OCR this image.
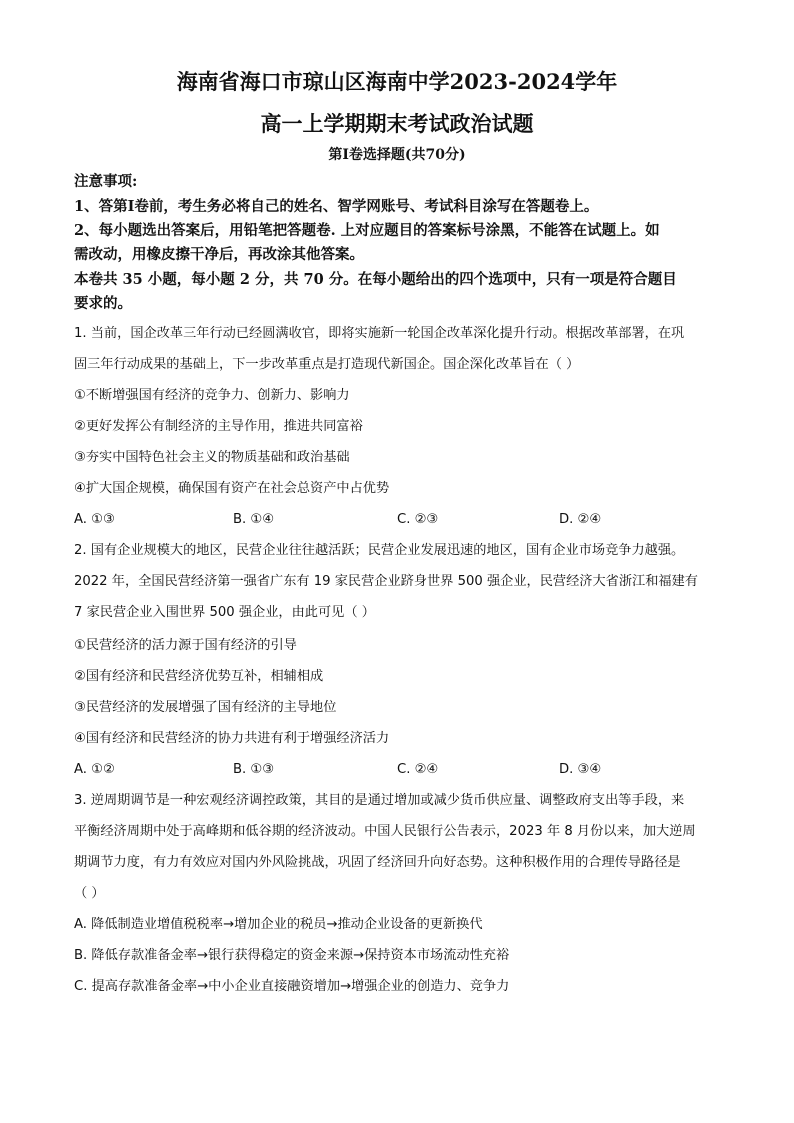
海南省海口市琼山区海南中学2023-2024学年
高一上学期期末考试政治试题
第Ⅰ卷选择题(共70分)
注意事项:
1、答第Ⅰ卷前，考生务必将自己的姓名、智学网账号、考试科目涂写在答题卷上。
2、每小题选出答案后，用铅笔把答题卷. 上对应题目的答案标号涂黑，不能答在试题上。如
需改动，用橡皮擦干净后，再改涂其他答案。
本卷共 35 小题，每小题 2 分，共 70 分。在每小题给出的四个选项中，只有一项是符合题目
要求的。
1. 当前，国企改革三年行动已经圆满收官，即将实施新一轮国企改革深化提升行动。根据改革部署，在巩
固三年行动成果的基础上，下一步改革重点是打造现代新国企。国企深化改革旨在（ ）
①不断增强国有经济的竞争力、创新力、影响力
②更好发挥公有制经济的主导作用，推进共同富裕
③夯实中国特色社会主义的物质基础和政治基础
④扩大国企规模，确保国有资产在社会总资产中占优势
A. ①③	B. ①④	C. ②③	D. ②④
2. 国有企业规模大的地区，民营企业往往越活跃；民营企业发展迅速的地区，国有企业市场竞争力越强。
2022 年，全国民营经济第一强省广东有 19 家民营企业跻身世界 500 强企业，民营经济大省浙江和福建有
7 家民营企业入围世界 500 强企业，由此可见（ ）
①民营经济的活力源于国有经济的引导
②国有经济和民营经济优势互补，相辅相成
③民营经济的发展增强了国有经济的主导地位
④国有经济和民营经济的协力共进有利于增强经济活力
A. ①②	B. ①③	C. ②④	D. ③④
3. 逆周期调节是一种宏观经济调控政策，其目的是通过增加或减少货币供应量、调整政府支出等手段，来
平衡经济周期中处于高峰期和低谷期的经济波动。中国人民银行公告表示，2023 年 8 月份以来，加大逆周
期调节力度，有力有效应对国内外风险挑战，巩固了经济回升向好态势。这种积极作用的合理传导路径是
（ ）
A. 降低制造业增值税税率→增加企业的税员→推动企业设备的更新换代
B. 降低存款准备金率→银行获得稳定的资金来源→保持资本市场流动性充裕
C. 提高存款准备金率→中小企业直接融资增加→增强企业的创造力、竞争力
